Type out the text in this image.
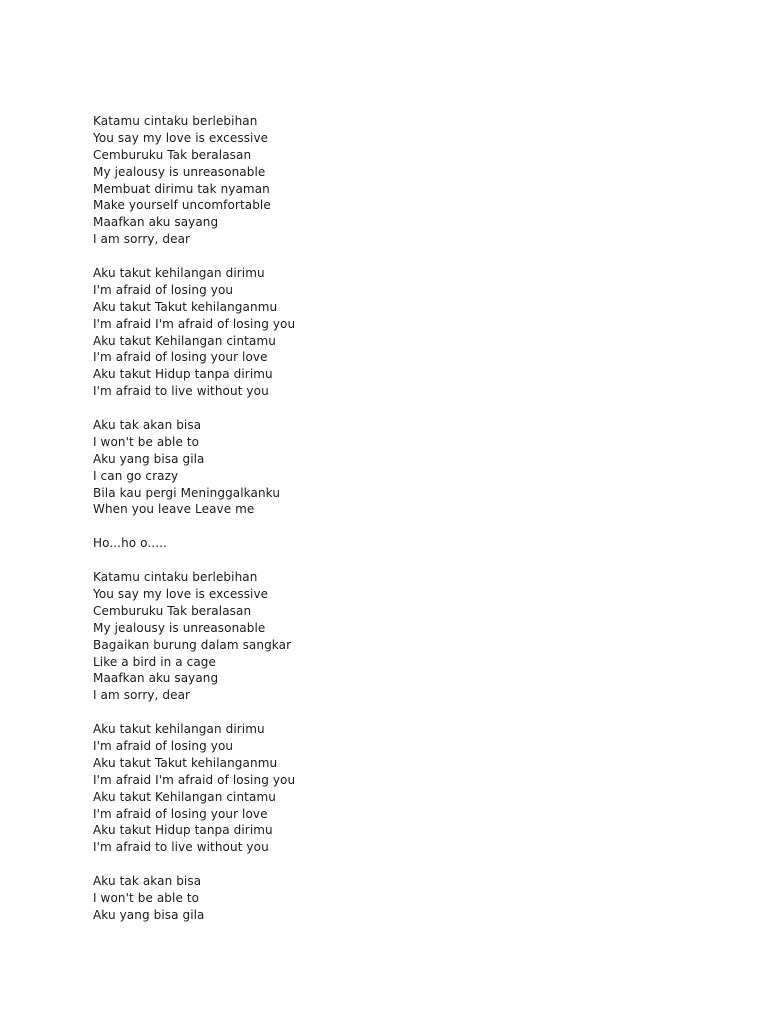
Katamu cintaku berlebihan
You say my love is excessive
Cemburuku Tak beralasan
My jealousy is unreasonable
Membuat dirimu tak nyaman
Make yourself uncomfortable
Maafkan aku sayang
I am sorry, dear
Aku takut kehilangan dirimu
I'm afraid of losing you
Aku takut Takut kehilanganmu
I'm afraid I'm afraid of losing you
Aku takut Kehilangan cintamu
I'm afraid of losing your love
Aku takut Hidup tanpa dirimu
I'm afraid to live without you
Aku tak akan bisa
I won't be able to
Aku yang bisa gila
I can go crazy
Bila kau pergi Meninggalkanku
When you leave Leave me
Ho...ho o.....
Katamu cintaku berlebihan
You say my love is excessive
Cemburuku Tak beralasan
My jealousy is unreasonable
Bagaikan burung dalam sangkar
Like a bird in a cage
Maafkan aku sayang
I am sorry, dear
Aku takut kehilangan dirimu
I'm afraid of losing you
Aku takut Takut kehilanganmu
I'm afraid I'm afraid of losing you
Aku takut Kehilangan cintamu
I'm afraid of losing your love
Aku takut Hidup tanpa dirimu
I'm afraid to live without you
Aku tak akan bisa
I won't be able to
Aku yang bisa gila
